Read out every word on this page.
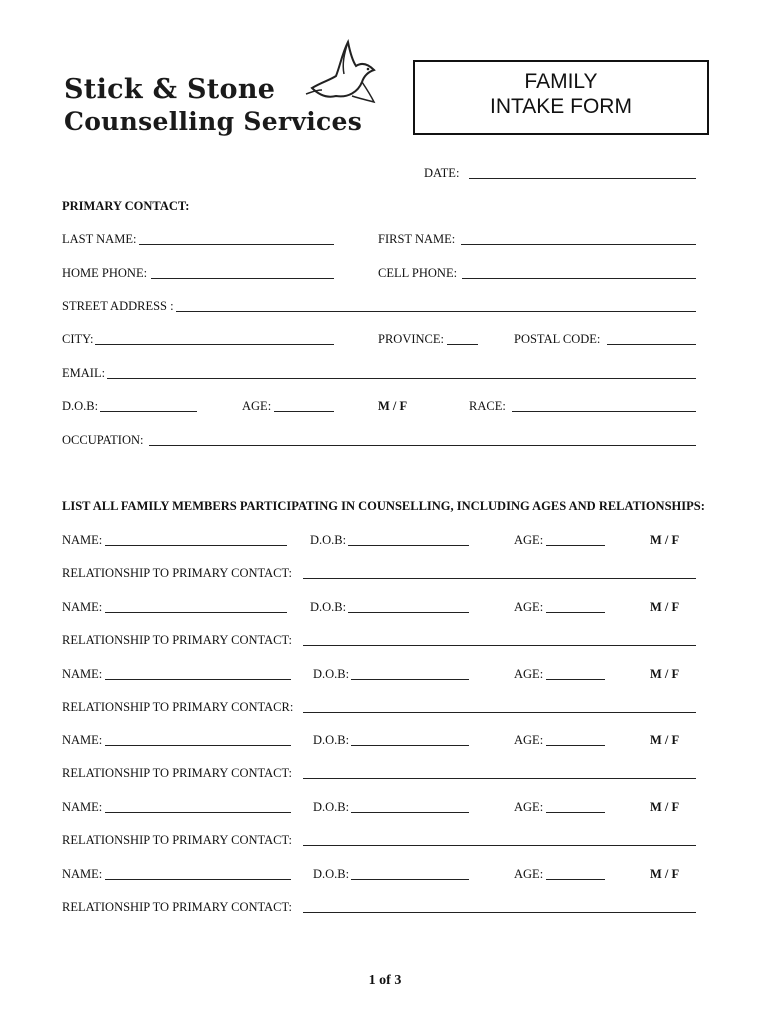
Stick & Stone
Counselling Services
FAMILY
INTAKE FORM
DATE:
PRIMARY CONTACT:
LAST NAME:	FIRST NAME:
HOME PHONE:	CELL PHONE:
STREET ADDRESS :
CITY:	PROVINCE:	POSTAL CODE:
EMAIL:
D.O.B:	AGE:	M / F	RACE:
OCCUPATION:
LIST ALL FAMILY MEMBERS PARTICIPATING IN COUNSELLING, INCLUDING AGES AND RELATIONSHIPS:
NAME:	D.O.B:	AGE:	M / F
RELATIONSHIP TO PRIMARY CONTACT:
NAME:	D.O.B:	AGE:	M / F
RELATIONSHIP TO PRIMARY CONTACT:
NAME:	D.O.B:	AGE:	M / F
RELATIONSHIP TO PRIMARY CONTACR:
NAME:	D.O.B:	AGE:	M / F
RELATIONSHIP TO PRIMARY CONTACT:
NAME:	D.O.B:	AGE:	M / F
RELATIONSHIP TO PRIMARY CONTACT:
NAME:	D.O.B:	AGE:	M / F
RELATIONSHIP TO PRIMARY CONTACT:
1 of 3
